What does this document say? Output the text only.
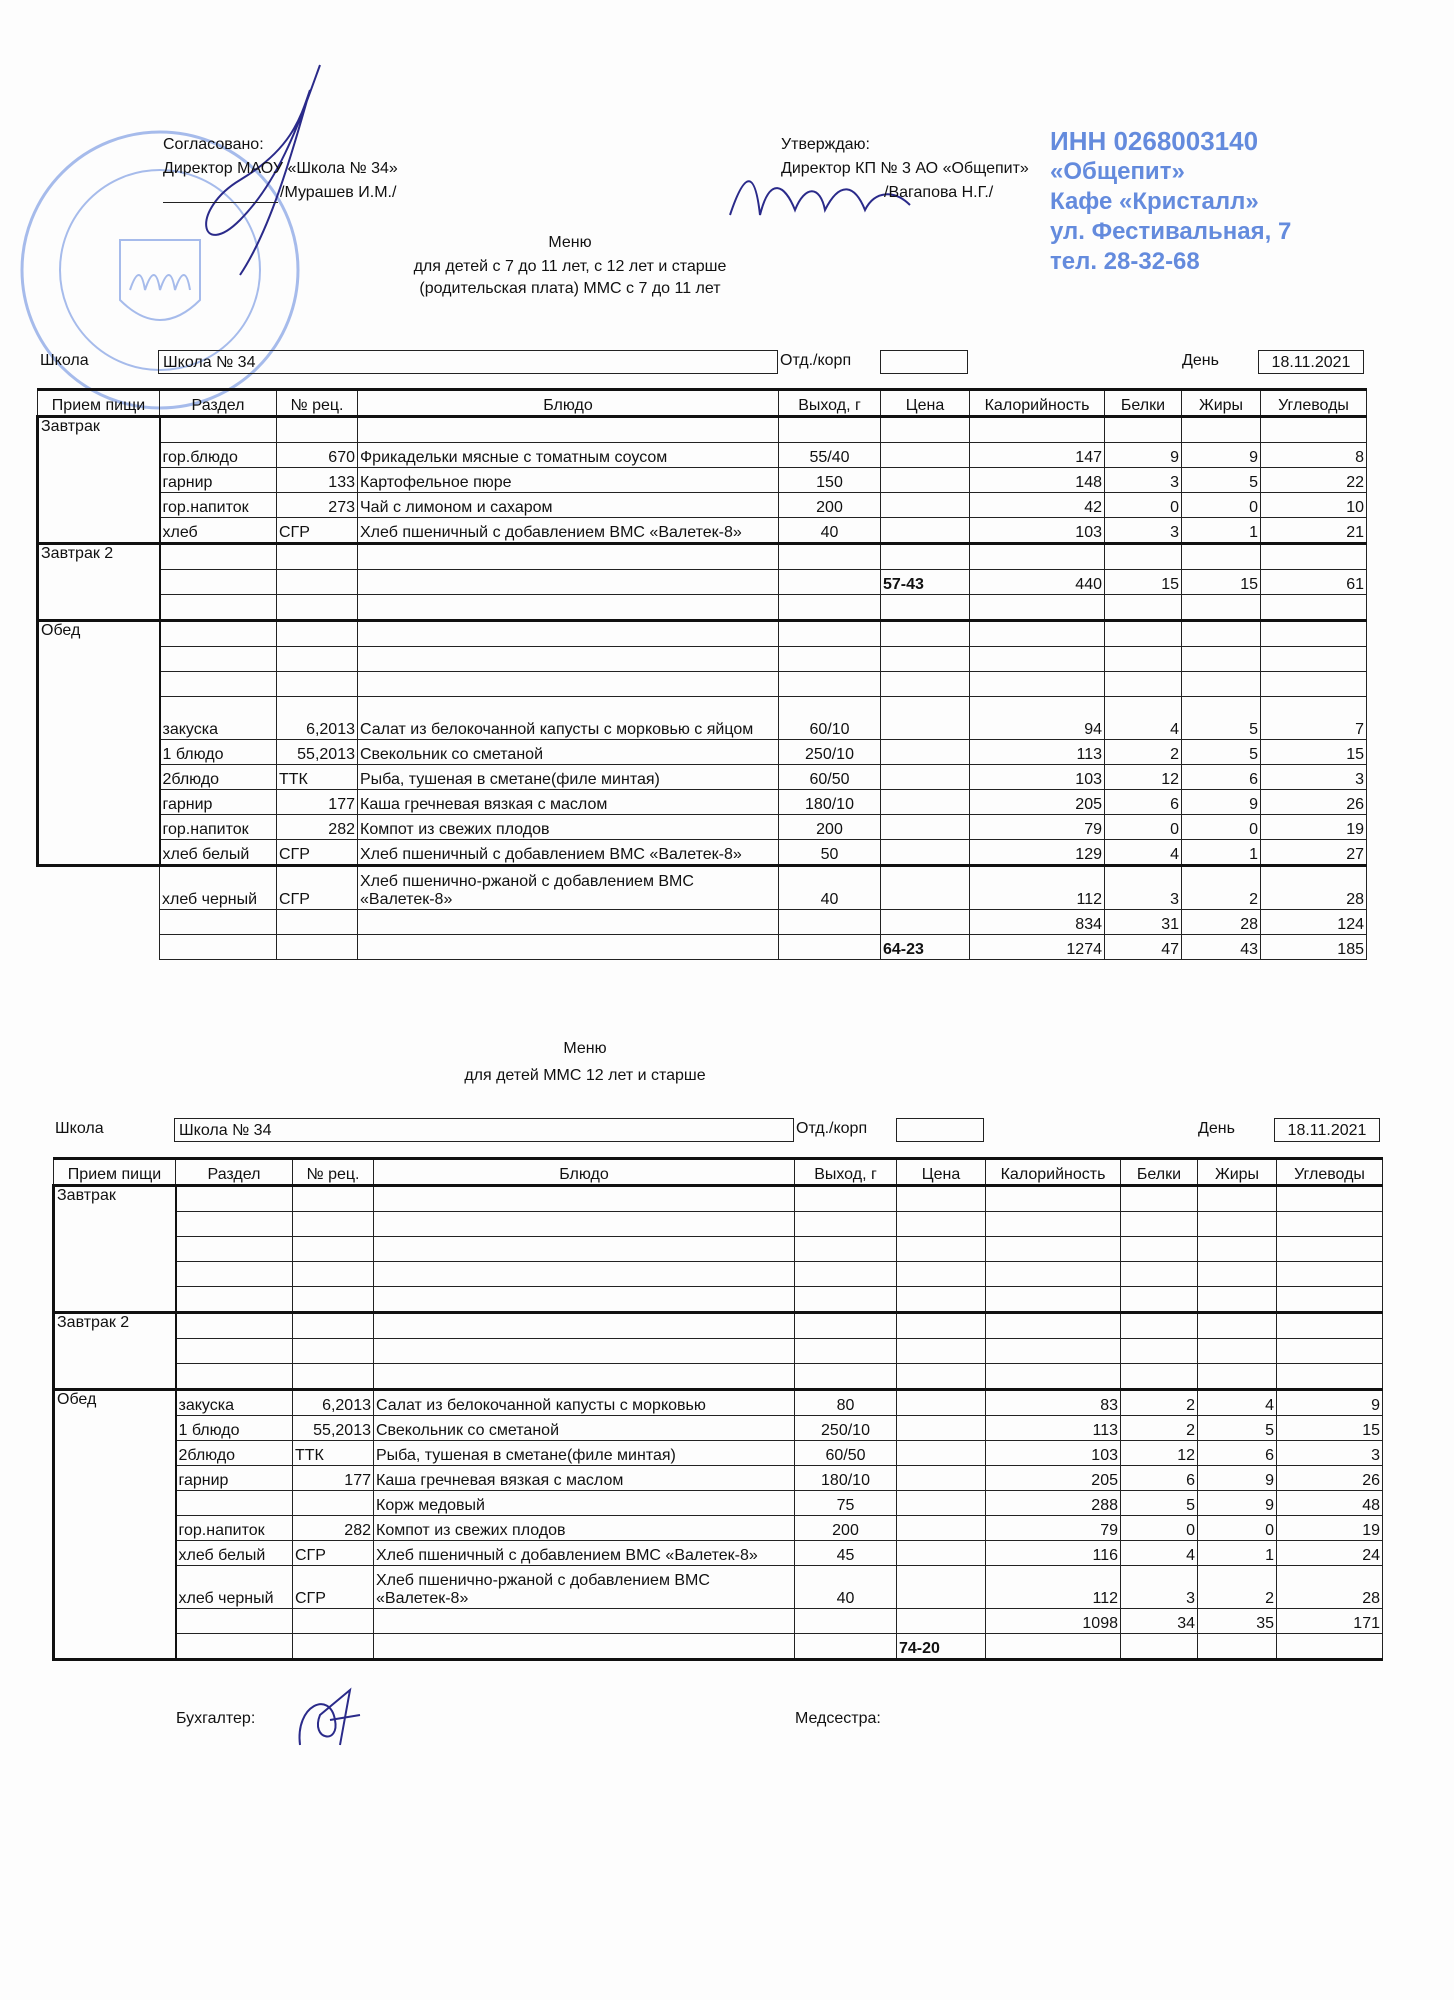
ИНН 0268003140
«Общепит»
Кафе «Кристалл»
ул. Фестивальная, 7
тел. 28-32-68
Согласовано:
Директор МАОУ «Школа № 34»
/Мурашев И.М./
Утверждаю:
Директор КП № 3 АО «Общепит»
/Вагапова Н.Г./
Меню
для детей с 7 до 11 лет, с 12 лет и старше
(родительская плата) ММС с 7 до 11 лет
Школа	Школа № 34	Отд./корп	День	18.11.2021
Прием пищи	Раздел	№ рец.	Блюдо	Выход, г	Цена	Калорийность	Белки	Жиры	Углеводы
Завтрак									
	гор.блюдо	670	Фрикадельки мясные с томатным соусом	55/40		147	9	9	8
	гарнир	133	Картофельное пюре	150		148	3	5	22
	гор.напиток	273	Чай с лимоном и сахаром	200		42	0	0	10
	хлеб	СГР	Хлеб пшеничный с добавлением ВМС «Валетек-8»	40		103	3	1	21
Завтрак 2									
					57-43	440	15	15	61

Обед									

	закуска	6,2013	Салат из белокочанной капусты с морковью с яйцом	60/10		94	4	5	7
	1 блюдо	55,2013	Свекольник со сметаной	250/10		113	2	5	15
	2блюдо	ТТК	Рыба, тушеная в сметане(филе минтая)	60/50		103	12	6	3
	гарнир	177	Каша гречневая вязкая с маслом	180/10		205	6	9	26
	гор.напиток	282	Компот из свежих плодов	200		79	0	0	19
	хлеб белый	СГР	Хлеб пшеничный с добавлением ВМС «Валетек-8»	50		129	4	1	27
	хлеб черный	СГР	Хлеб пшенично-ржаной с добавлением ВМС «Валетек-8»	40		112	3	2	28
						834	31	28	124
					64-23	1274	47	43	185
Меню
для детей ММС 12 лет и старше
Школа	Школа № 34	Отд./корп	День	18.11.2021
Прием пищи	Раздел	№ рец.	Блюдо	Выход, г	Цена	Калорийность	Белки	Жиры	Углеводы
Завтрак									

Завтрак 2									

Обед	закуска	6,2013	Салат из белокочанной капусты с морковью	80		83	2	4	9
	1 блюдо	55,2013	Свекольник со сметаной	250/10		113	2	5	15
	2блюдо	ТТК	Рыба, тушеная в сметане(филе минтая)	60/50		103	12	6	3
	гарнир	177	Каша гречневая вязкая с маслом	180/10		205	6	9	26
			Корж медовый	75		288	5	9	48
	гор.напиток	282	Компот из свежих плодов	200		79	0	0	19
	хлеб белый	СГР	Хлеб пшеничный с добавлением ВМС «Валетек-8»	45		116	4	1	24
	хлеб черный	СГР	Хлеб пшенично-ржаной с добавлением ВМС «Валетек-8»	40		112	3	2	28
						1098	34	35	171
					74-20				
Бухгалтер:	Медсестра:
